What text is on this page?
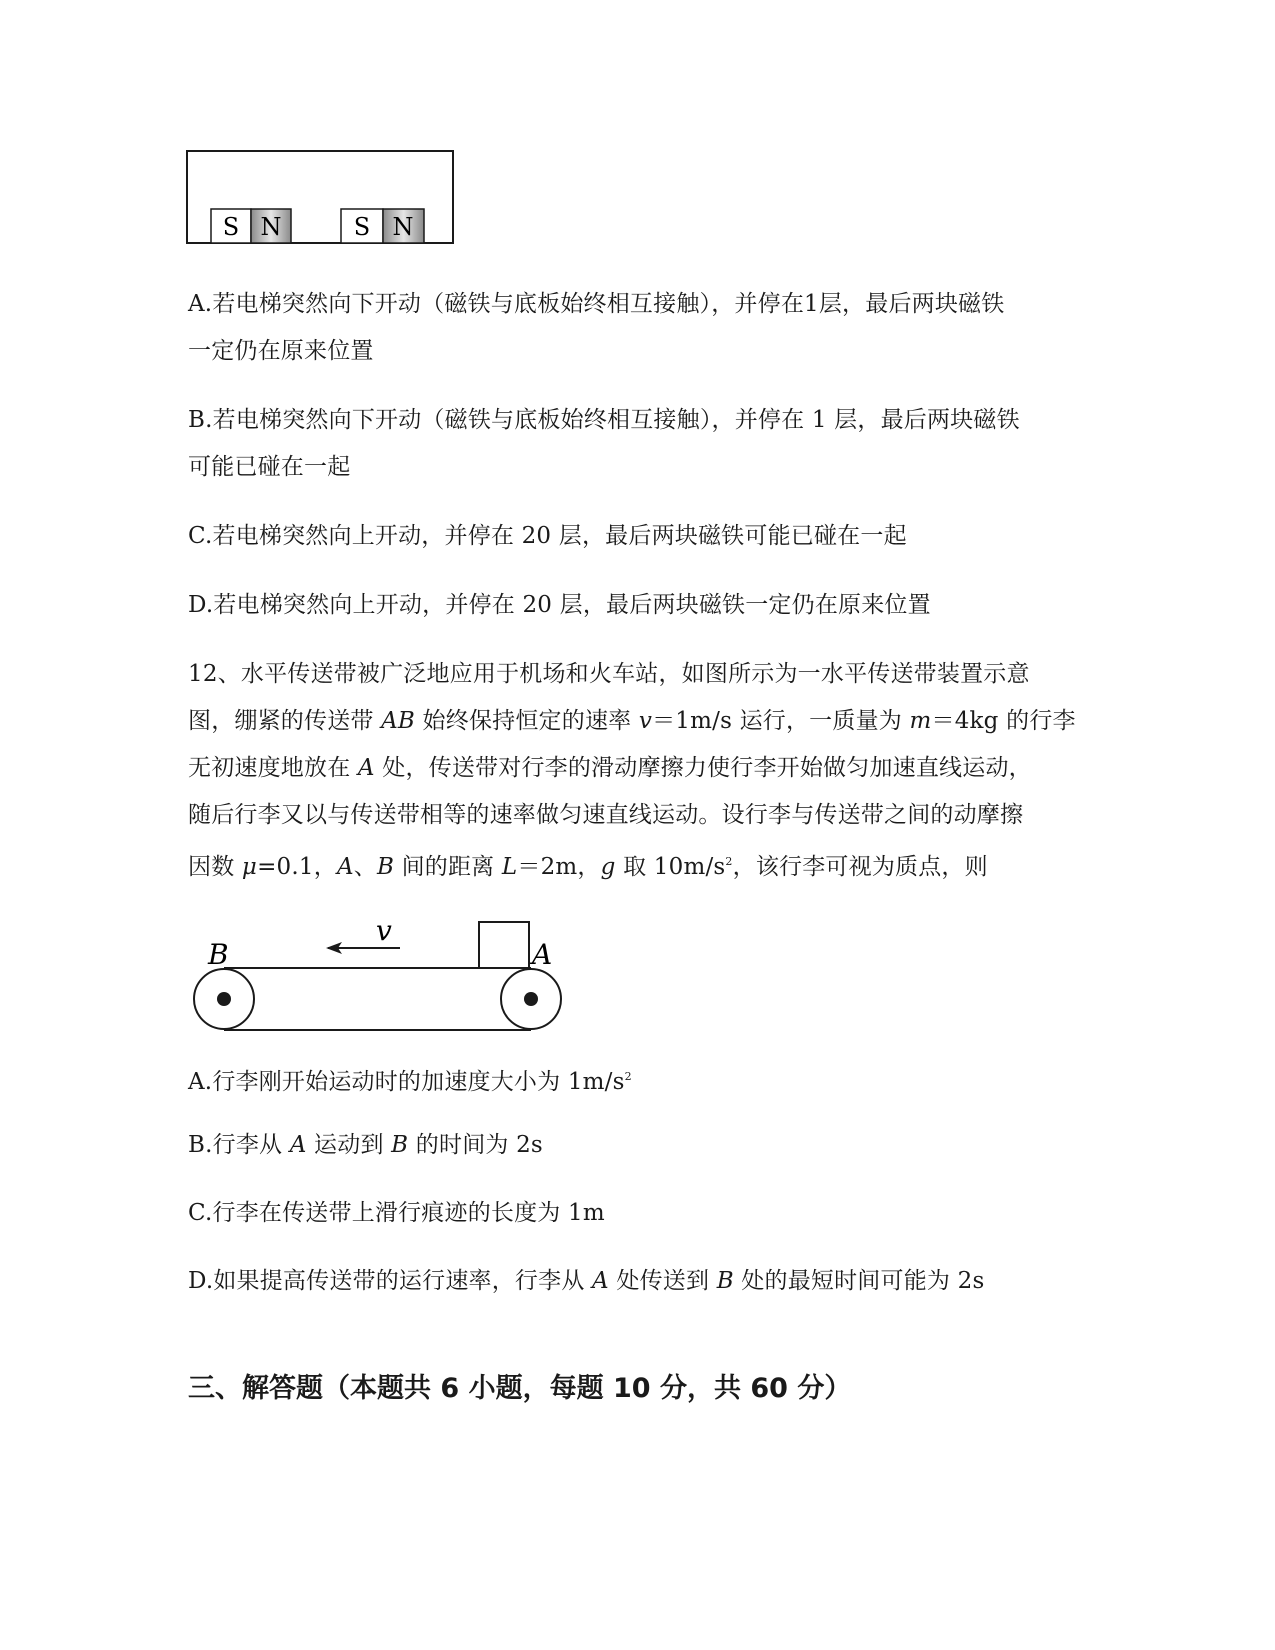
S N	S N
A.若电梯突然向下开动（磁铁与底板始终相互接触），并停在1层，最后两块磁铁
一定仍在原来位置
B.若电梯突然向下开动（磁铁与底板始终相互接触），并停在 1 层，最后两块磁铁
可能已碰在一起
C.若电梯突然向上开动，并停在 20 层，最后两块磁铁可能已碰在一起
D.若电梯突然向上开动，并停在 20 层，最后两块磁铁一定仍在原来位置
12、水平传送带被广泛地应用于机场和火车站，如图所示为一水平传送带装置示意
图，绷紧的传送带 AB 始终保持恒定的速率 v＝1m/s 运行，一质量为 m＝4kg 的行李
无初速度地放在 A 处，传送带对行李的滑动摩擦力使行李开始做匀加速直线运动，
随后行李又以与传送带相等的速率做匀速直线运动。设行李与传送带之间的动摩擦
因数 μ=0.1，A、B 间的距离 L＝2m，g 取 $10m/s^2$，该行李可视为质点，则
v
B	A
A.行李刚开始运动时的加速度大小为 $1m/s^2$
B.行李从 A 运动到 B 的时间为 2s
C.行李在传送带上滑行痕迹的长度为 1m
D.如果提高传送带的运行速率，行李从 A 处传送到 B 处的最短时间可能为 2s
三、解答题（本题共 6 小题，每题 10 分，共 60 分）
